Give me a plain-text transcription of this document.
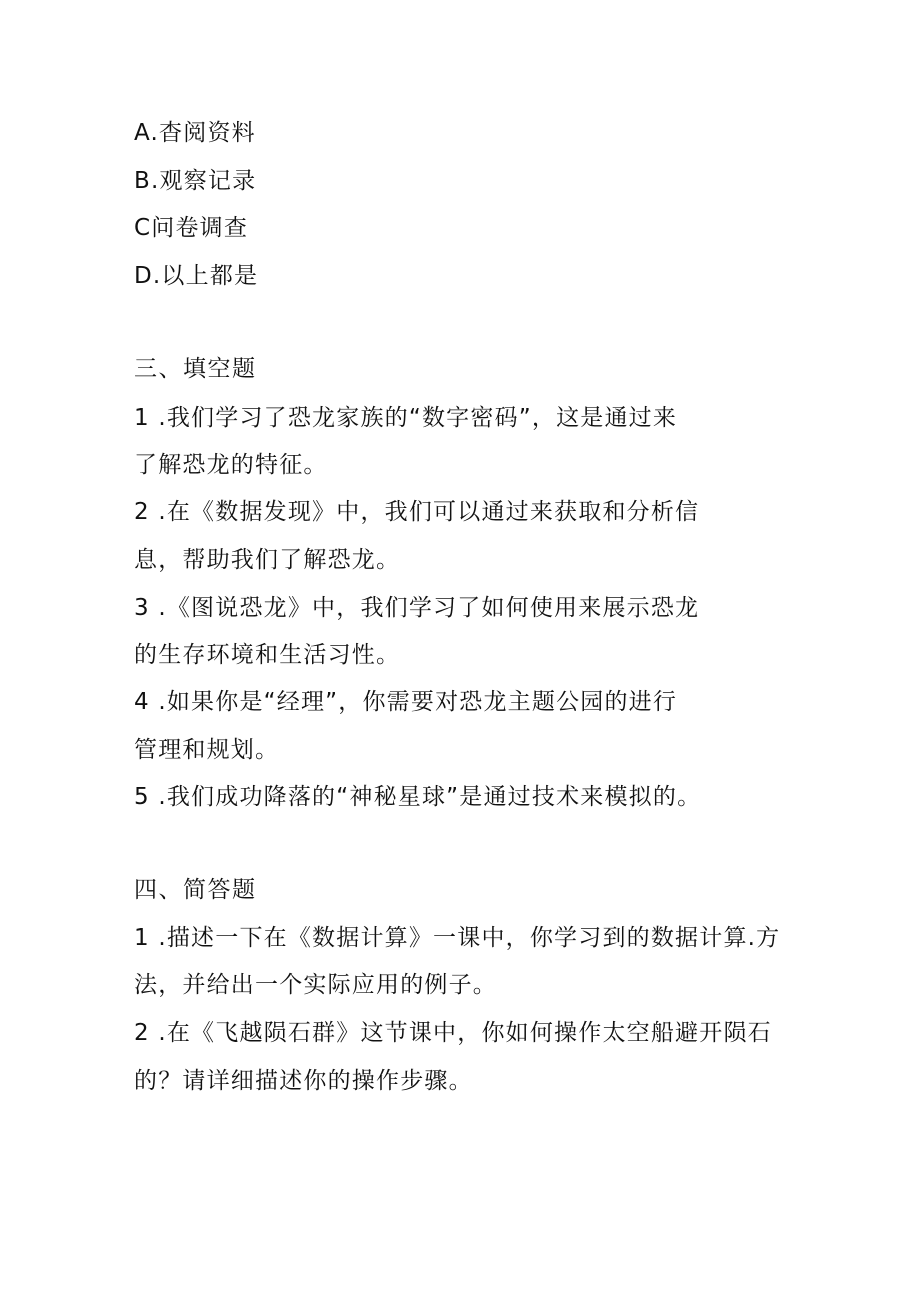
A.杳阅资料
B.观察记录
C问卷调查
D.以上都是
三、填空题
1 .我们学习了恐龙家族的“数字密码”，这是通过来
了解恐龙的特征。
2 .在《数据发现》中，我们可以通过来获取和分析信
息，帮助我们了解恐龙。
3 .《图说恐龙》中，我们学习了如何使用来展示恐龙
的生存环境和生活习性。
4 .如果你是“经理”，你需要对恐龙主题公园的进行
管理和规划。
5 .我们成功降落的“神秘星球”是通过技术来模拟的。
四、简答题
1 .描述一下在《数据计算》一课中，你学习到的数据计算.方
法，并给出一个实际应用的例子。
2 .在《飞越陨石群》这节课中，你如何操作太空船避开陨石
的？请详细描述你的操作步骤。
